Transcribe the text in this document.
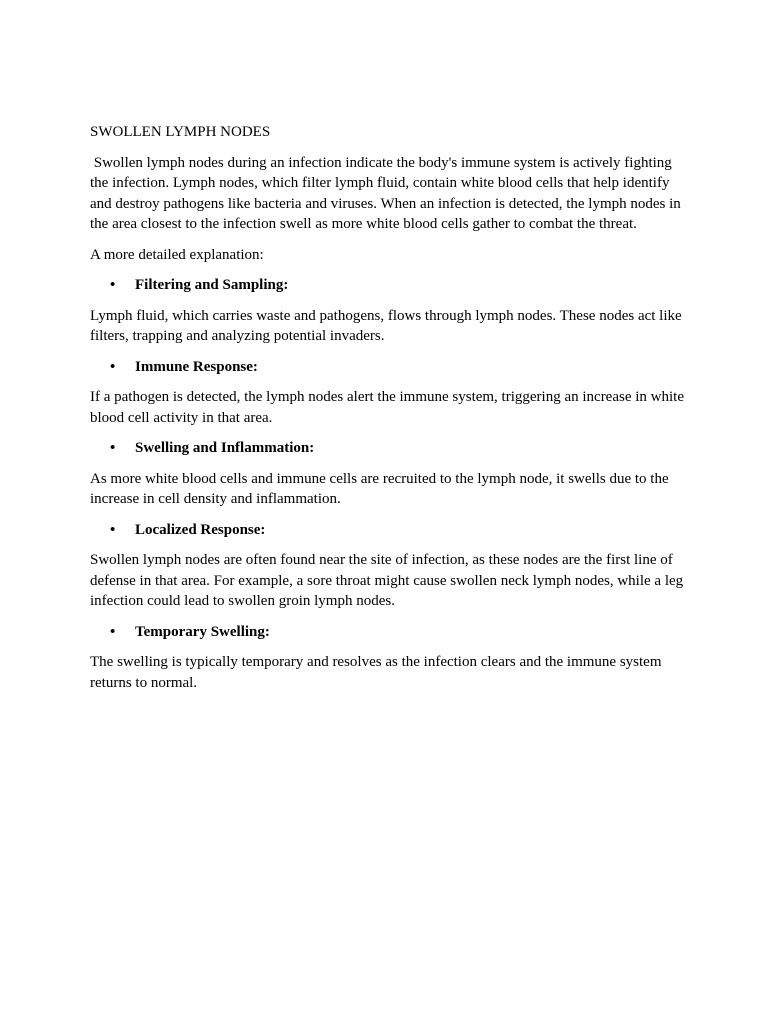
SWOLLEN LYMPH NODES

Swollen lymph nodes during an infection indicate the body's immune system is actively fighting the infection. Lymph nodes, which filter lymph fluid, contain white blood cells that help identify and destroy pathogens like bacteria and viruses. When an infection is detected, the lymph nodes in the area closest to the infection swell as more white blood cells gather to combat the threat.

A more detailed explanation:

•	Filtering and Sampling:

Lymph fluid, which carries waste and pathogens, flows through lymph nodes. These nodes act like filters, trapping and analyzing potential invaders.

•	Immune Response:

If a pathogen is detected, the lymph nodes alert the immune system, triggering an increase in white blood cell activity in that area.

•	Swelling and Inflammation:

As more white blood cells and immune cells are recruited to the lymph node, it swells due to the increase in cell density and inflammation.

•	Localized Response:

Swollen lymph nodes are often found near the site of infection, as these nodes are the first line of defense in that area. For example, a sore throat might cause swollen neck lymph nodes, while a leg infection could lead to swollen groin lymph nodes.

•	Temporary Swelling:

The swelling is typically temporary and resolves as the infection clears and the immune system returns to normal.
